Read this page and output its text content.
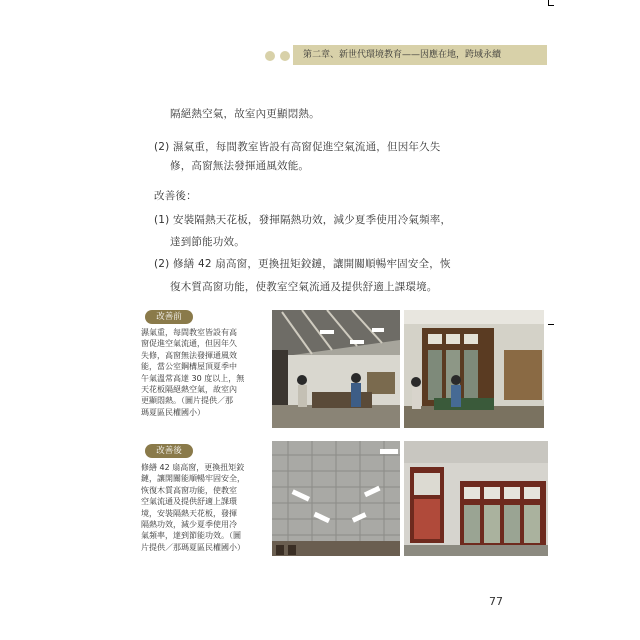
第二章、新世代環境教育——因應在地，跨域永續
隔絕熱空氣，故室內更顯悶熱。
(2) 濕氣重，每間教室皆設有高窗促進空氣流通，但因年久失
修，高窗無法發揮通風效能。
改善後：
(1) 安裝隔熱天花板，發揮隔熱功效，減少夏季使用冷氣頻率，
達到節能功效。
(2) 修繕 42 扇高窗，更換扭矩鉸鏈，讓開關順暢牢固安全，恢
復木質高窗功能，使教室空氣流通及提供舒適上課環境。
改善前
濕氣重，每間教室皆設有高
窗促進空氣流通，但因年久
失修，高窗無法發揮通風效
能，當公室鋼構屋頂夏季中
午氣溫常高達 30 度以上，無
天花板隔絕熱空氣，故室內
更顯悶熱。（圖片提供／那
瑪夏區民權國小）
改善後
修繕 42 扇高窗，更換扭矩鉸
鏈，讓開關能順暢牢固安全，
恢復木質高窗功能，使教室
空氣流通及提供舒適上課環
境，安裝隔熱天花板，發揮
隔熱功效，減少夏季使用冷
氣頻率，達到節能功效。（圖
片提供／那瑪夏區民權國小）
77
